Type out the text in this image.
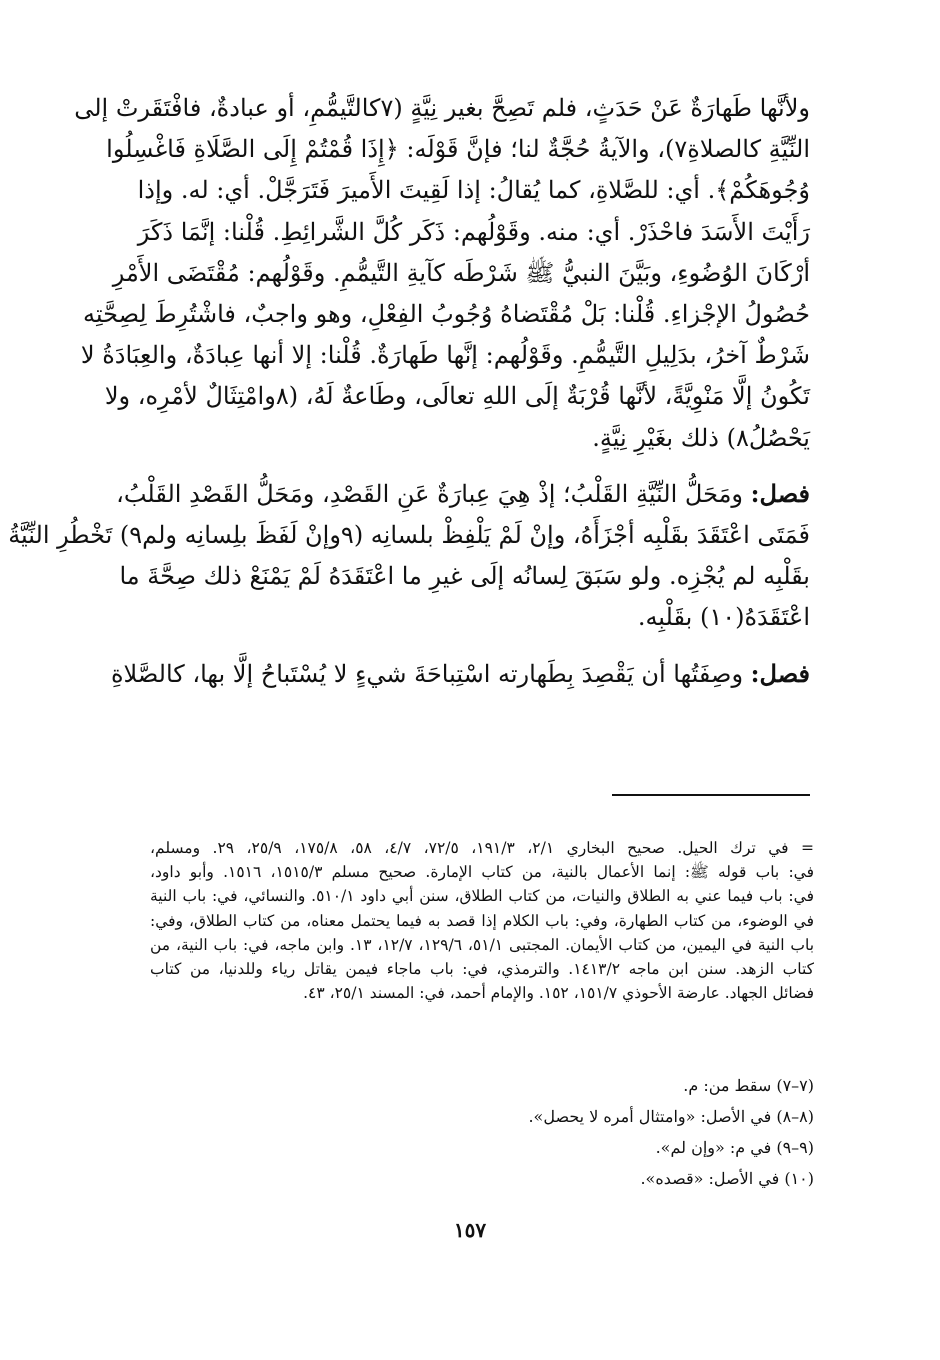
ولأنَّها طَهارَةٌ عَنْ حَدَثٍ، فلم تَصِحَّ بغير نِيَّةٍ (٧كالتَّيمُّمِ، أو عبادةٌ، فافْتَقَرتْ إلى

النِّيَّةِ كالصلاةِ٧)، والآيةُ حُجَّةٌ لنا؛ فإنَّ قَوْلَه: ﴿إِذَا قُمْتُمْ إِلَى الصَّلَاةِ فَاغْسِلُوا

وُجُوهَكُمْ﴾. أي: للصَّلاةِ، كما يُقالُ: إذا لَقِيتَ الأَميرَ فَتَرَجَّلْ. أي: له. وإذا

رَأَيْتَ الأَسَدَ فاحْذَرْ. أي: منه. وقَوْلُهم: ذَكَر كُلَّ الشَّرائِطِ. قُلْنا: إنَّمَا ذَكَرَ

أرْكَانَ الوُضُوءِ، وبَيَّنَ النبيُّ ﷺ شَرْطَه كآيةِ التَّيمُّمِ. وقَوْلُهم: مُقْتَضَى الأَمْرِ

حُصُولُ الإجْزاءِ. قُلْنا: بَلْ مُقْتَضاهُ وُجُوبُ الفِعْلِ، وهو واجبٌ، فاشْتُرِطَ لِصِحَّتِه

شَرْطٌ آخرُ، بدَلِيلِ التَّيمُّمِ. وقَوْلُهم: إنَّها طَهارَةٌ. قُلْنا: إلا أنها عِبادَةٌ، والعِبَادَةُ لا

تَكُونُ إلَّا مَنْوِيَّةً، لأنَّها قُرْبَةٌ إلَى اللهِ تعالَى، وطَاعةٌ لَهُ، (٨وامْتِثَالٌ لأمْرِه، ولا

يَحْصُلُ٨) ذلك بغَيْرِ نِيَّةٍ.

فصل: ومَحَلُّ النِّيَّةِ القَلْبُ؛ إذْ هِيَ عِبارَةٌ عَنِ القَصْدِ، ومَحَلُّ القَصْدِ القَلْبُ،

فَمَتَى اعْتَقَدَ بقَلْبِه أجْزَأَهُ، وإنْ لَمْ يَلْفِظْ بلسانِه (٩وإنْ لَفَظَ بلِسانِه ولم٩) تَخْطُرِ النِّيَّةُ

بقَلْبِه لم يُجْزِه. ولو سَبَقَ لِسانُه إلَى غيرِ ما اعْتَقَدَهُ لَمْ يَمْنَعْ ذلك صِحَّةَ ما

اعْتَقَدَهُ(١٠) بقَلْبِه.

فصل: وصِفَتُها أن يَقْصِدَ بِطَهارته اسْتِباحَةَ شيءٍ لا يُسْتَباحُ إلَّا بها، كالصَّلاةِ

= في ترك الحيل. صحيح البخاري ٢/١، ١٩١/٣، ٧٢/٥، ٤/٧، ٥٨، ١٧٥/٨، ٢٥/٩، ٢٩. ومسلم،

في: باب قوله ﷺ: إنما الأعمال بالنية، من كتاب الإمارة. صحيح مسلم ١٥١٥/٣، ١٥١٦. وأبو داود،

في: باب فيما عني به الطلاق والنيات، من كتاب الطلاق، سنن أبي داود ٥١٠/١. والنسائي، في: باب النية

في الوضوء، من كتاب الطهارة، وفي: باب الكلام إذا قصد به فيما يحتمل معناه، من كتاب الطلاق، وفي:

باب النية في اليمين، من كتاب الأيمان. المجتبى ٥١/١، ١٢٩/٦، ١٢/٧، ١٣. وابن ماجه، في: باب النية، من

كتاب الزهد. سنن ابن ماجه ١٤١٣/٢. والترمذي، في: باب ماجاء فيمن يقاتل رياء وللدنيا، من كتاب

فضائل الجهاد. عارضة الأحوذي ١٥١/٧، ١٥٢. والإمام أحمد، في: المسند ٢٥/١، ٤٣.

(٧–٧) سقط من: م.

(٨–٨) في الأصل: «وامتثال أمره لا يحصل».

(٩–٩) في م: «وإن لم».

(١٠) في الأصل: «قصده».

١٥٧
